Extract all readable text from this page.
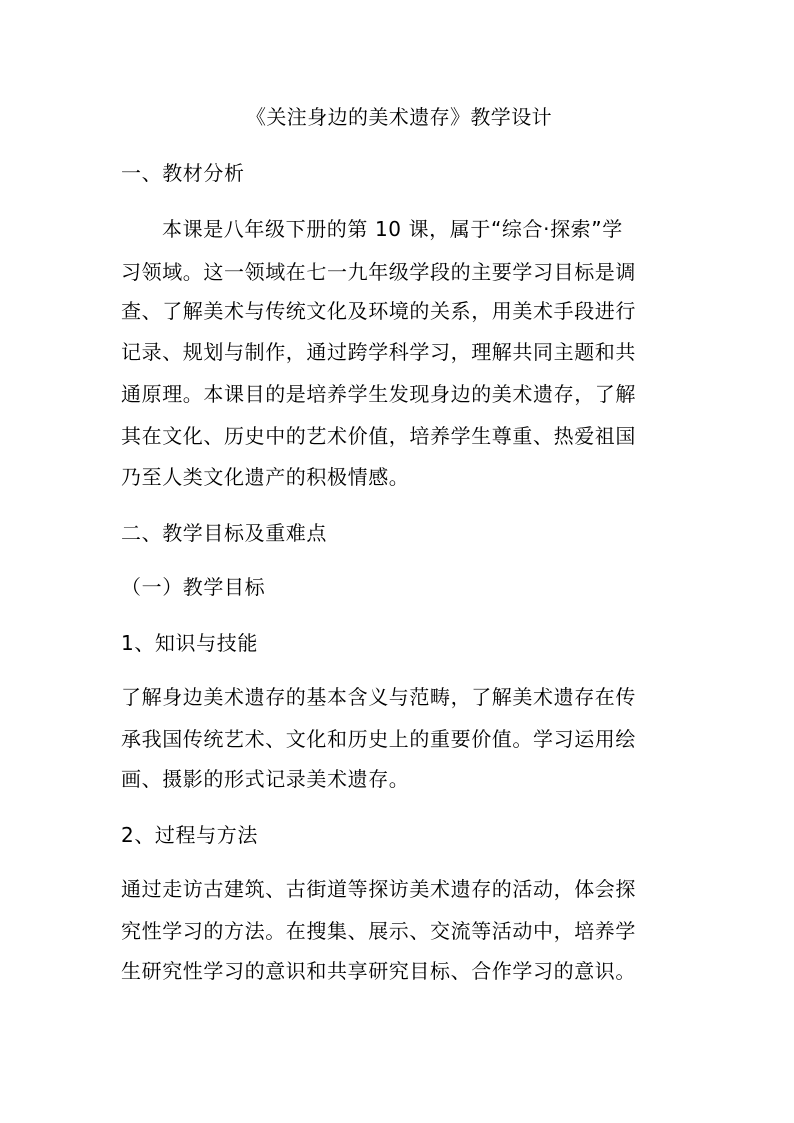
《关注身边的美术遗存》教学设计
一、教材分析
本课是八年级下册的第 10 课，属于“综合·探索”学
习领域。这一领域在七一九年级学段的主要学习目标是调
查、了解美术与传统文化及环境的关系，用美术手段进行
记录、规划与制作，通过跨学科学习，理解共同主题和共
通原理。本课目的是培养学生发现身边的美术遗存，了解
其在文化、历史中的艺术价值，培养学生尊重、热爱祖国
乃至人类文化遗产的积极情感。
二、教学目标及重难点
（一）教学目标
1、知识与技能
了解身边美术遗存的基本含义与范畴，了解美术遗存在传
承我国传统艺术、文化和历史上的重要价值。学习运用绘
画、摄影的形式记录美术遗存。
2、过程与方法
通过走访古建筑、古街道等探访美术遗存的活动，体会探
究性学习的方法。在搜集、展示、交流等活动中，培养学
生研究性学习的意识和共享研究目标、合作学习的意识。
